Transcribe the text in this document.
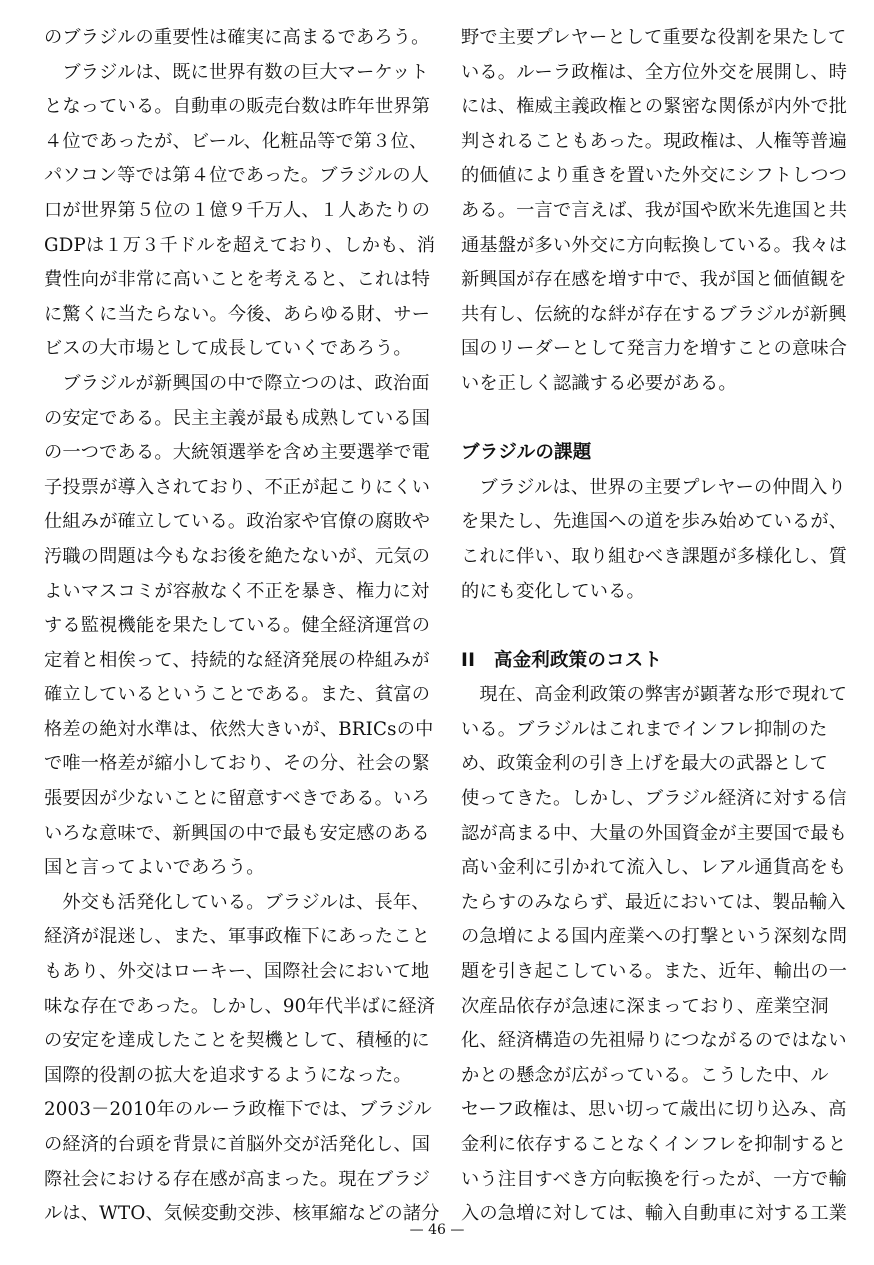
のブラジルの重要性は確実に高まるであろう。
　ブラジルは、既に世界有数の巨大マーケット
となっている。自動車の販売台数は昨年世界第
４位であったが、ビール、化粧品等で第３位、
パソコン等では第４位であった。ブラジルの人
口が世界第５位の１億９千万人、１人あたりの
GDPは１万３千ドルを超えており、しかも、消
費性向が非常に高いことを考えると、これは特
に驚くに当たらない。今後、あらゆる財、サー
ビスの大市場として成長していくであろう。
　ブラジルが新興国の中で際立つのは、政治面
の安定である。民主主義が最も成熟している国
の一つである。大統領選挙を含め主要選挙で電
子投票が導入されており、不正が起こりにくい
仕組みが確立している。政治家や官僚の腐敗や
汚職の問題は今もなお後を絶たないが、元気の
よいマスコミが容赦なく不正を暴き、権力に対
する監視機能を果たしている。健全経済運営の
定着と相俟って、持続的な経済発展の枠組みが
確立しているということである。また、貧富の
格差の絶対水準は、依然大きいが、BRICsの中
で唯一格差が縮小しており、その分、社会の緊
張要因が少ないことに留意すべきである。いろ
いろな意味で、新興国の中で最も安定感のある
国と言ってよいであろう。
　外交も活発化している。ブラジルは、長年、
経済が混迷し、また、軍事政権下にあったこと
もあり、外交はローキー、国際社会において地
味な存在であった。しかし、90年代半ばに経済
の安定を達成したことを契機として、積極的に
国際的役割の拡大を追求するようになった。
2003－2010年のルーラ政権下では、ブラジル
の経済的台頭を背景に首脳外交が活発化し、国
際社会における存在感が高まった。現在ブラジ
ルは、WTO、気候変動交渉、核軍縮などの諸分
野で主要プレヤーとして重要な役割を果たして
いる。ルーラ政権は、全方位外交を展開し、時
には、権威主義政権との緊密な関係が内外で批
判されることもあった。現政権は、人権等普遍
的価値により重きを置いた外交にシフトしつつ
ある。一言で言えば、我が国や欧米先進国と共
通基盤が多い外交に方向転換している。我々は
新興国が存在感を増す中で、我が国と価値観を
共有し、伝統的な絆が存在するブラジルが新興
国のリーダーとして発言力を増すことの意味合
いを正しく認識する必要がある。
ブラジルの課題
　ブラジルは、世界の主要プレヤーの仲間入り
を果たし、先進国への道を歩み始めているが、
これに伴い、取り組むべき課題が多様化し、質
的にも変化している。
II　高金利政策のコスト
　現在、高金利政策の弊害が顕著な形で現れて
いる。ブラジルはこれまでインフレ抑制のた
め、政策金利の引き上げを最大の武器として
使ってきた。しかし、ブラジル経済に対する信
認が高まる中、大量の外国資金が主要国で最も
高い金利に引かれて流入し、レアル通貨高をも
たらすのみならず、最近においては、製品輸入
の急増による国内産業への打撃という深刻な問
題を引き起こしている。また、近年、輸出の一
次産品依存が急速に深まっており、産業空洞
化、経済構造の先祖帰りにつながるのではない
かとの懸念が広がっている。こうした中、ル
セーフ政権は、思い切って歳出に切り込み、高
金利に依存することなくインフレを抑制すると
いう注目すべき方向転換を行ったが、一方で輸
入の急増に対しては、輸入自動車に対する工業
— 46 —
